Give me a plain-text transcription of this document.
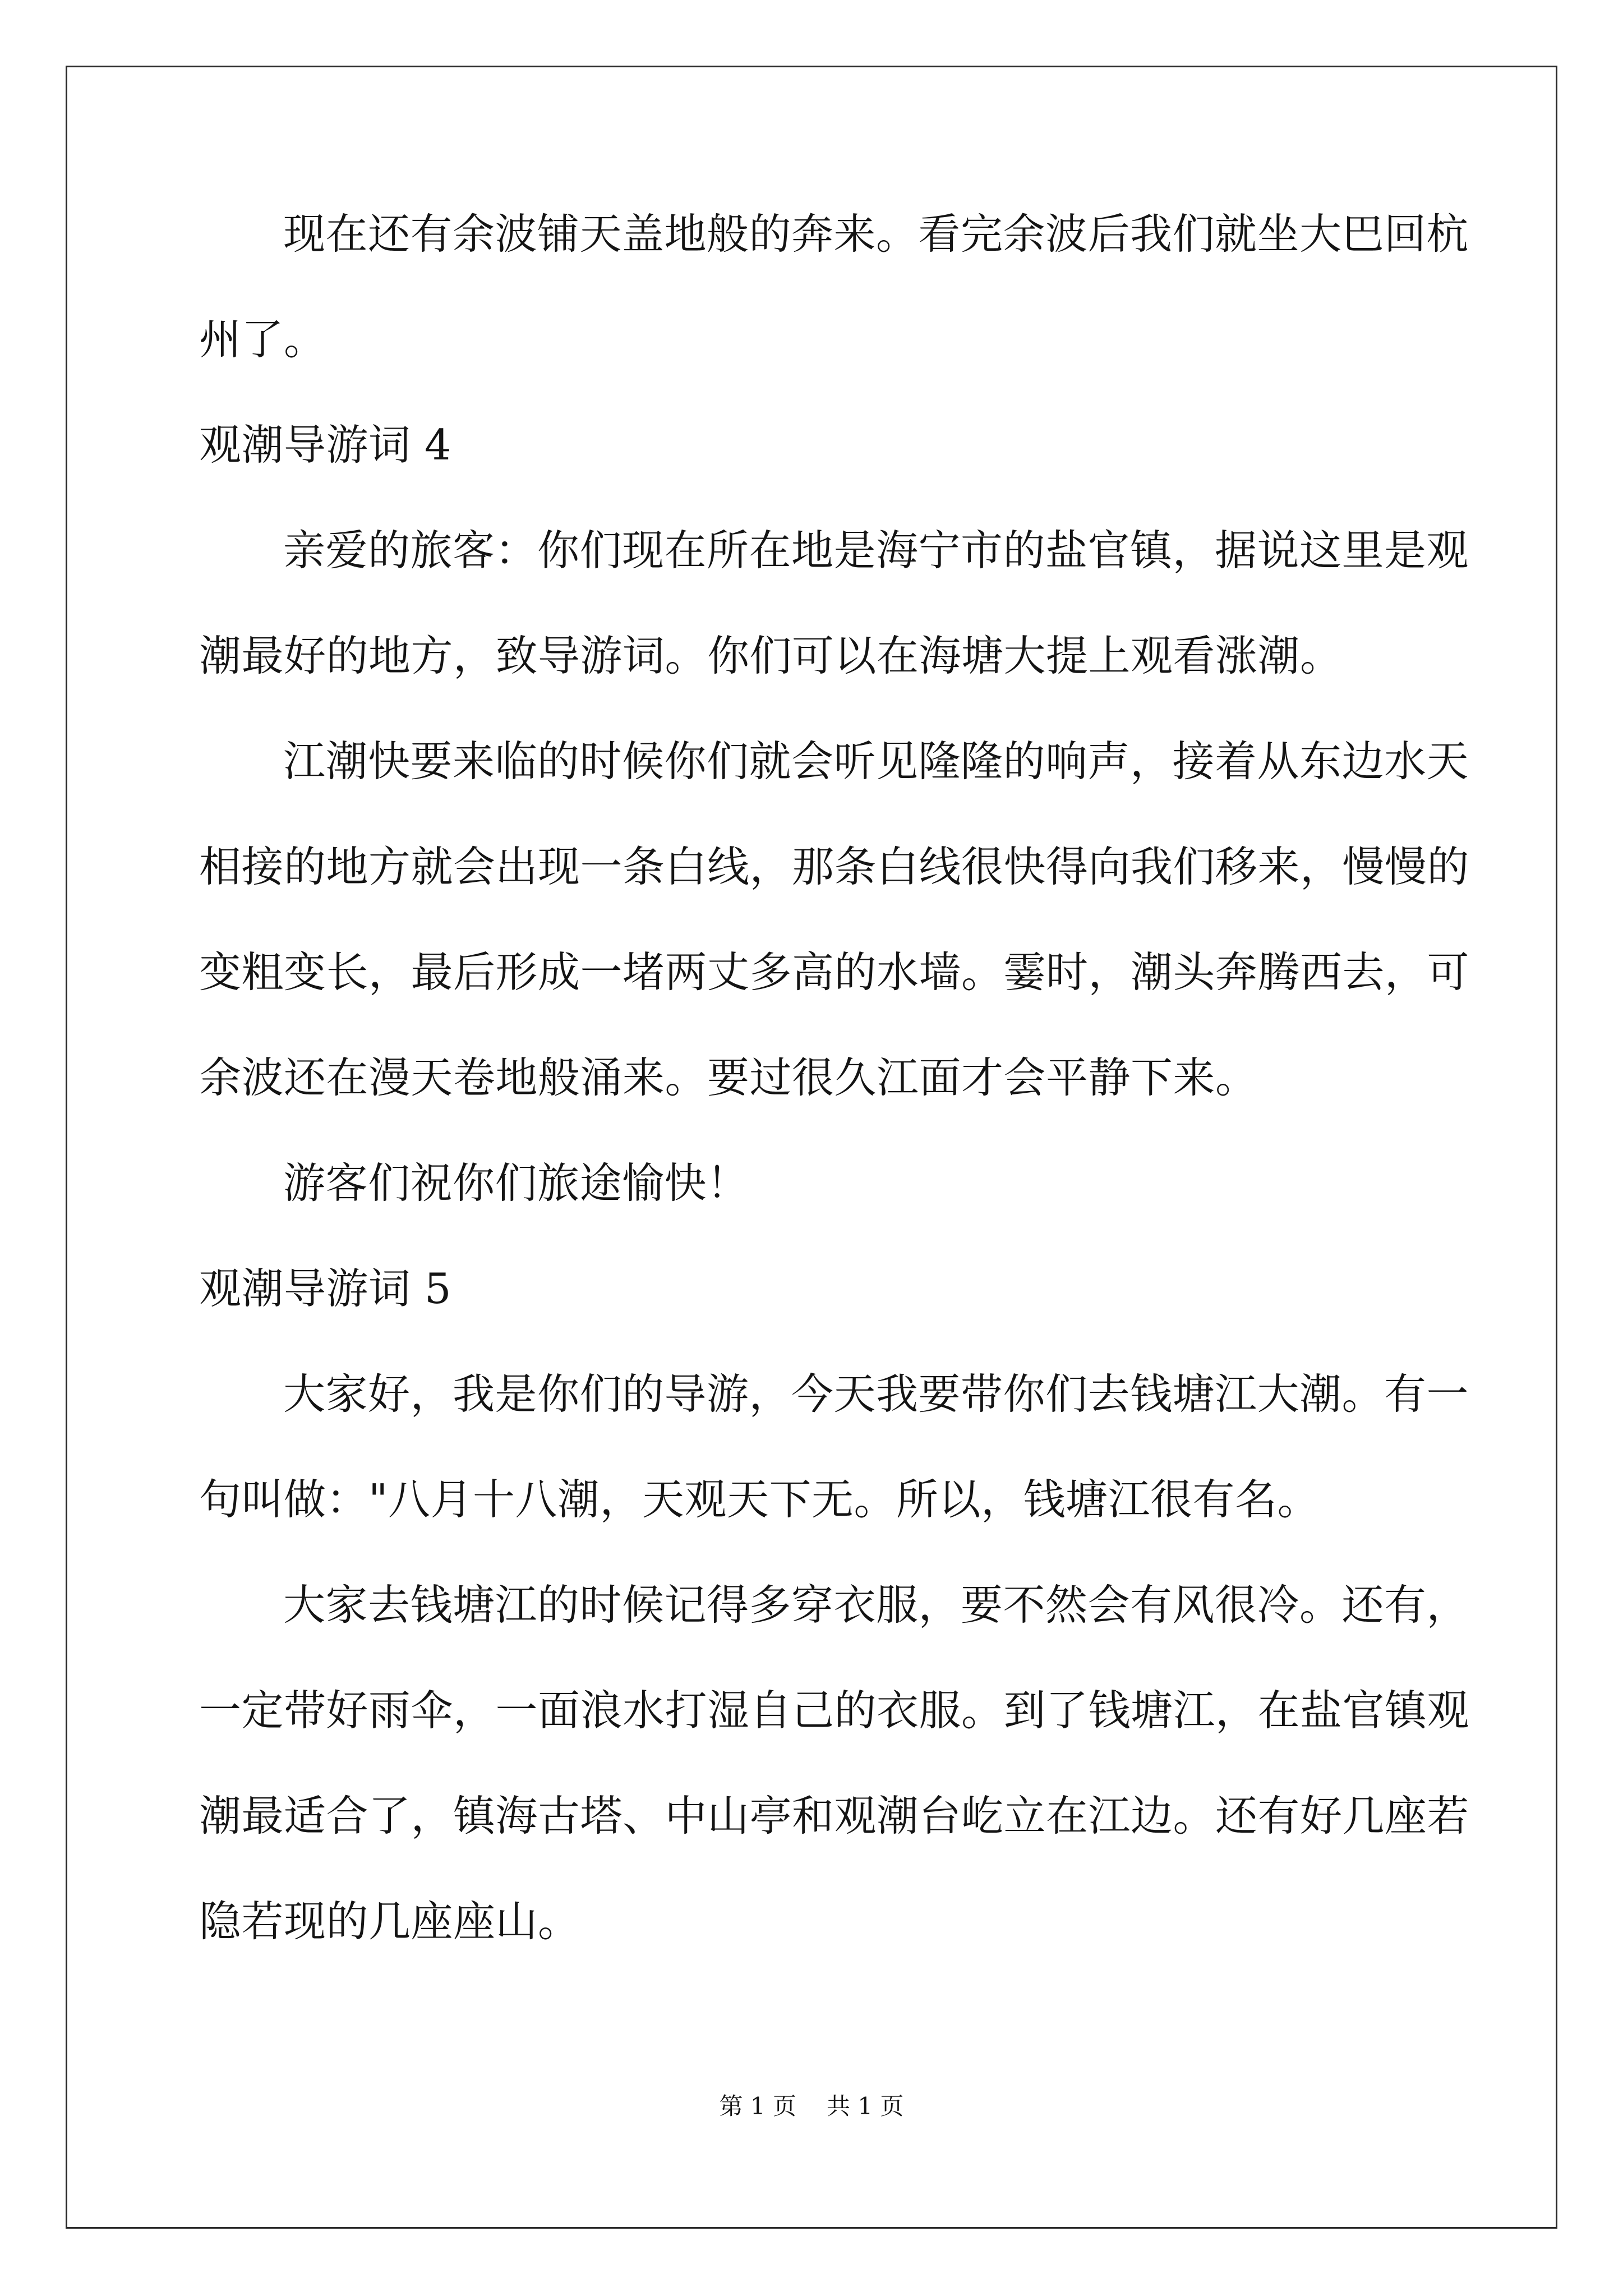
现在还有余波铺天盖地般的奔来。看完余波后我们就坐大巴回杭
州了。
观潮导游词 4
亲爱的旅客：你们现在所在地是海宁市的盐官镇，据说这里是观
潮最好的地方，致导游词。你们可以在海塘大提上观看涨潮。
江潮快要来临的时候你们就会听见隆隆的响声，接着从东边水天
相接的地方就会出现一条白线，那条白线很快得向我们移来，慢慢的
变粗变长，最后形成一堵两丈多高的水墙。霎时，潮头奔腾西去，可
余波还在漫天卷地般涌来。要过很久江面才会平静下来。
游客们祝你们旅途愉快！
观潮导游词 5
大家好，我是你们的导游，今天我要带你们去钱塘江大潮。有一
句叫做："八月十八潮，天观天下无。所以，钱塘江很有名。
大家去钱塘江的时候记得多穿衣服，要不然会有风很冷。还有，
一定带好雨伞，一面浪水打湿自己的衣服。到了钱塘江，在盐官镇观
潮最适合了，镇海古塔、中山亭和观潮台屹立在江边。还有好几座若
隐若现的几座座山。
第 1 页 共 1 页
